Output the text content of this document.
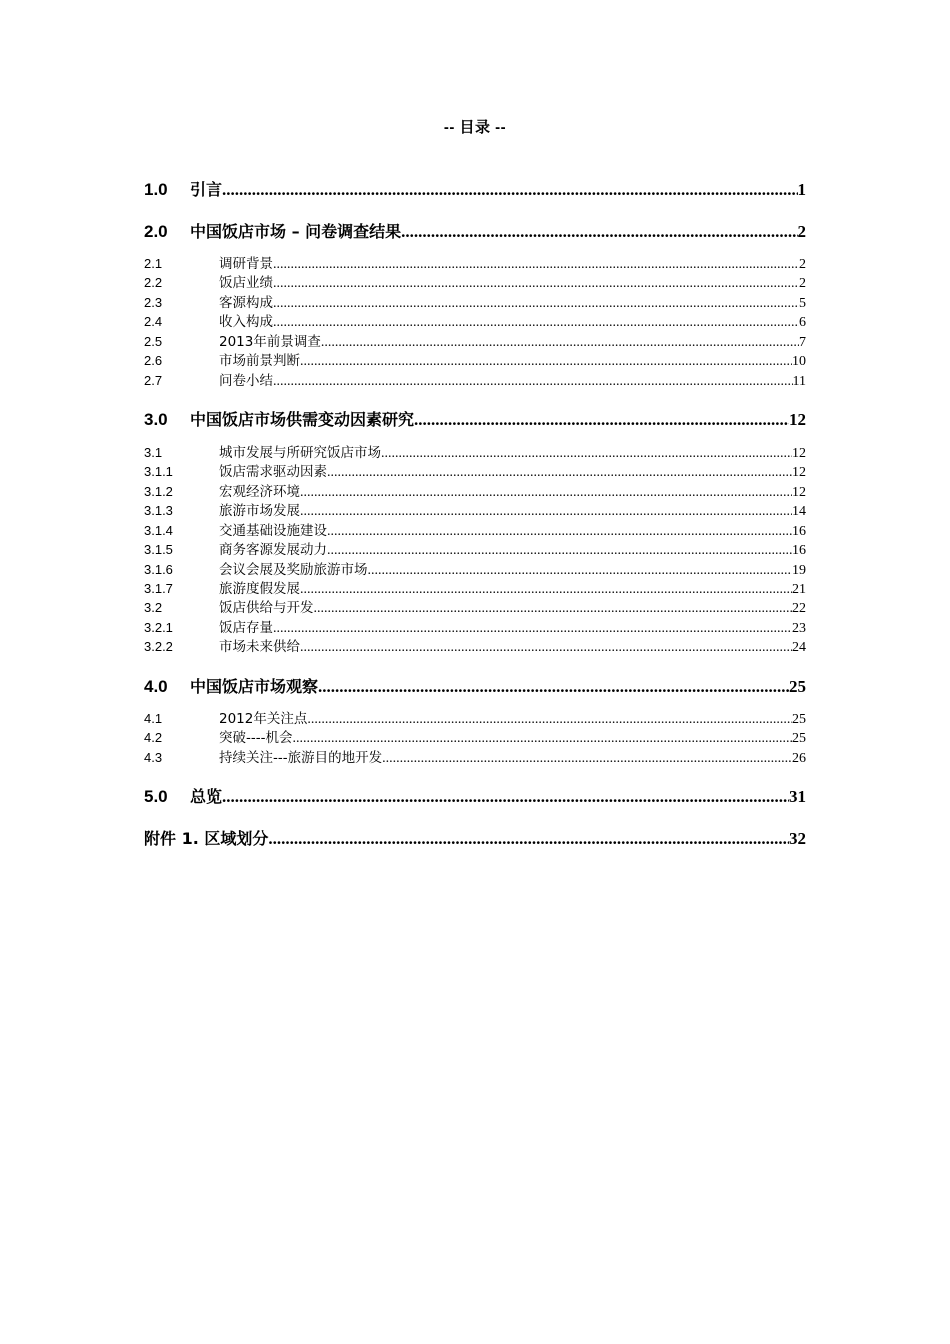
-- 目录 --
1.0	引言 .....	1
2.0	中国饭店市场 – 问卷调查结果 .....	2
2.1	调研背景 .....	2
2.2	饭店业绩 .....	2
2.3	客源构成 .....	5
2.4	收入构成 .....	6
2.5	2013年前景调查 .....	7
2.6	市场前景判断 .....	10
2.7	问卷小结 .....	11
3.0	中国饭店市场供需变动因素研究 .....	12
3.1	城市发展与所研究饭店市场 .....	12
3.1.1	饭店需求驱动因素 .....	12
3.1.2	宏观经济环境 .....	12
3.1.3	旅游市场发展 .....	14
3.1.4	交通基础设施建设 .....	16
3.1.5	商务客源发展动力 .....	16
3.1.6	会议会展及奖励旅游市场 .....	19
3.1.7	旅游度假发展 .....	21
3.2	饭店供给与开发 .....	22
3.2.1	饭店存量 .....	23
3.2.2	市场未来供给 .....	24
4.0	中国饭店市场观察 .....	25
4.1	2012年关注点 .....	25
4.2	突破----机会 .....	25
4.3	持续关注---旅游目的地开发 .....	26
5.0	总览 .....	31
附件 1. 区域划分 .....	32
